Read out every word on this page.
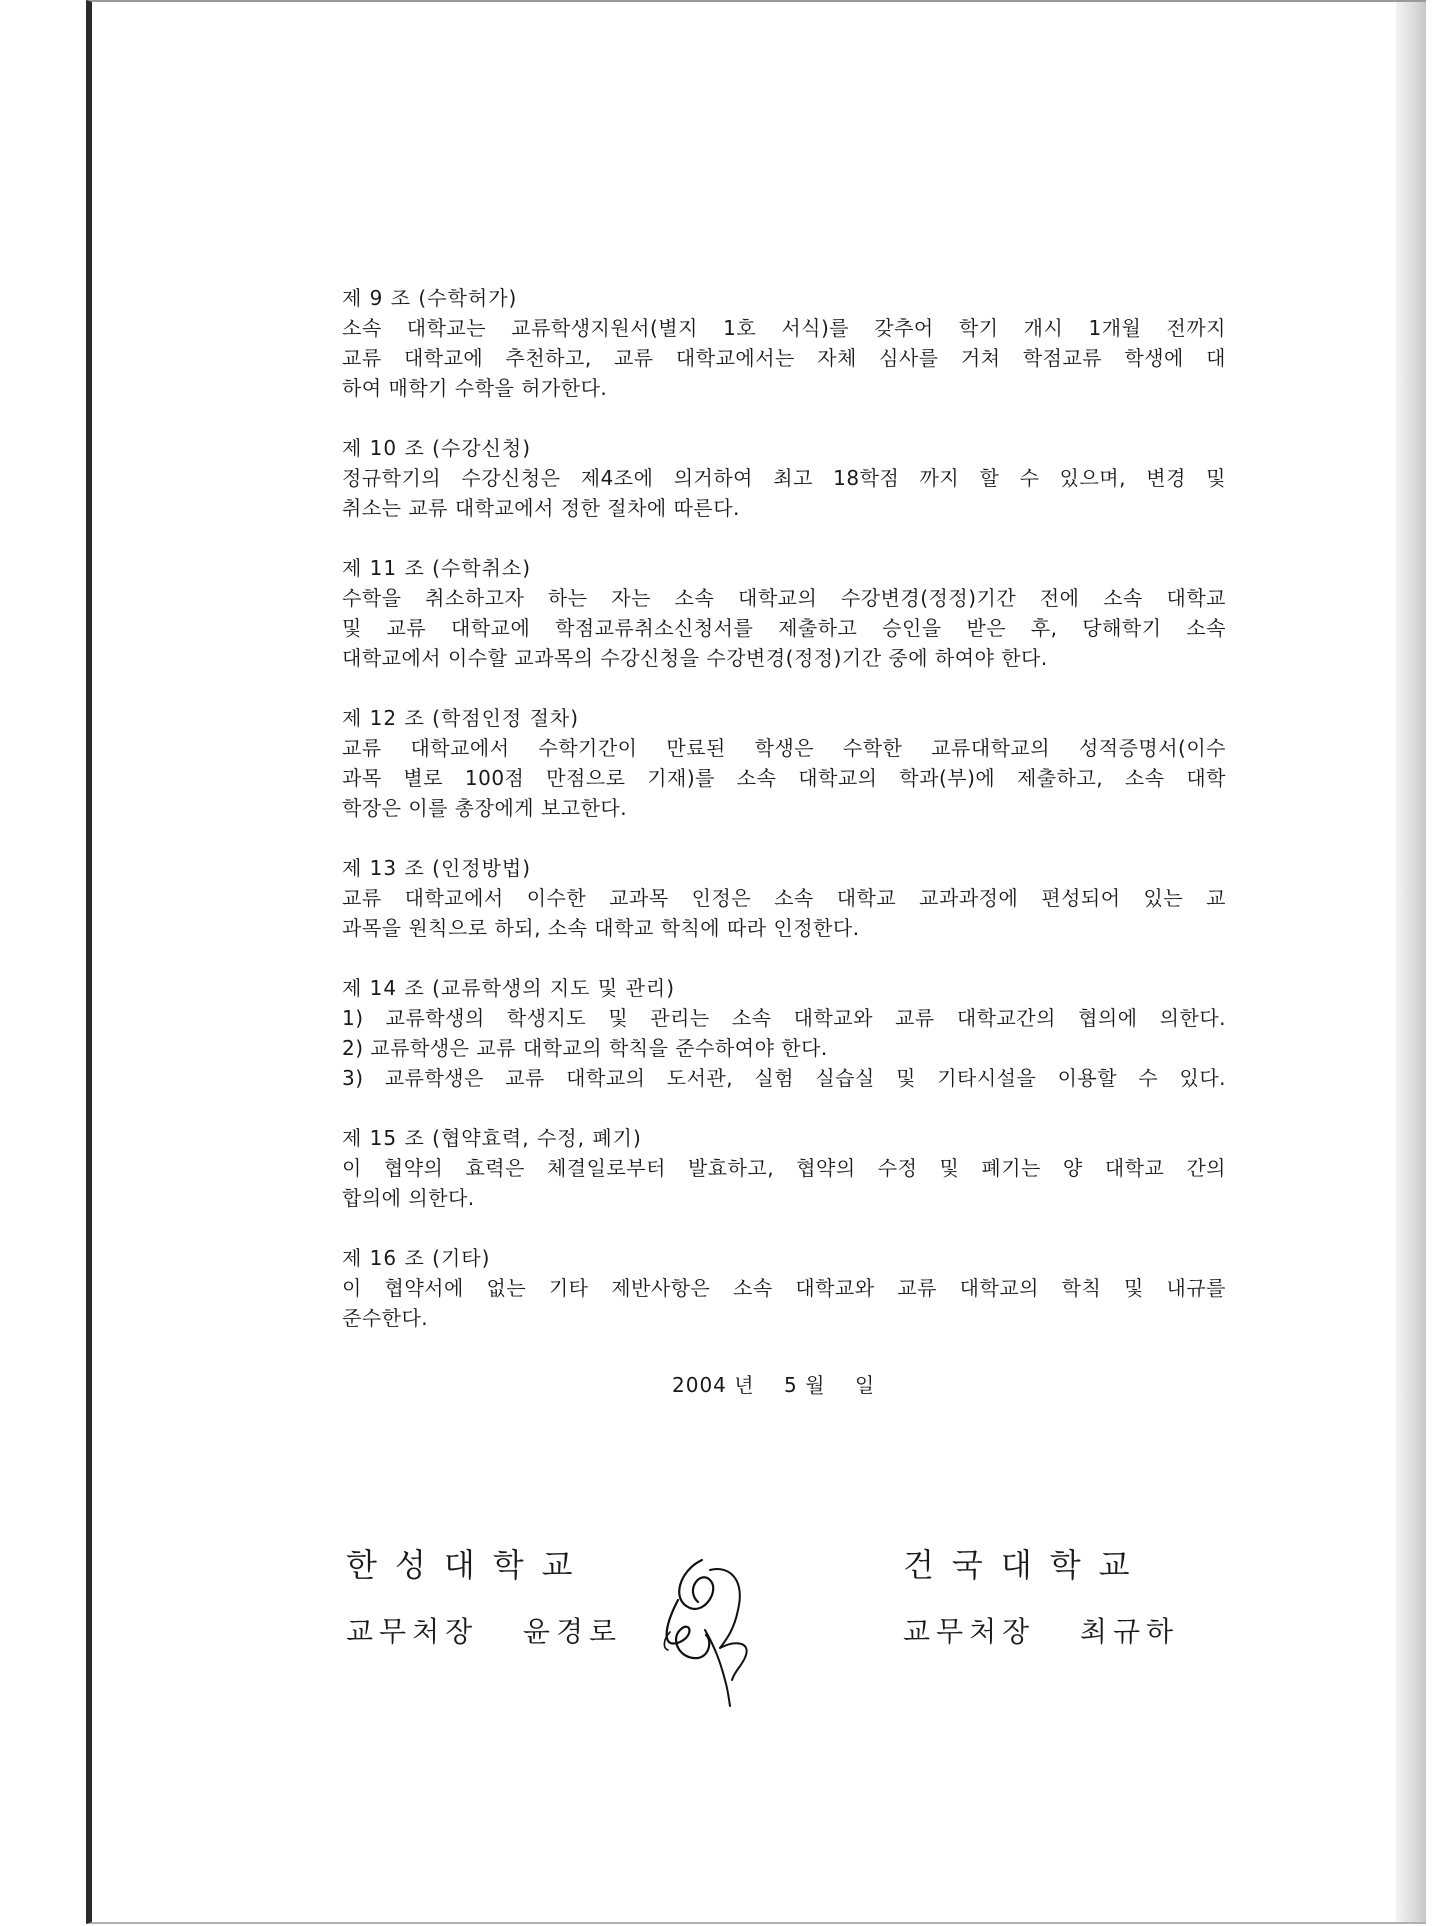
제 9 조 (수학허가)

소속 대학교는 교류학생지원서(별지 1호 서식)를 갖추어 학기 개시 1개월 전까지

교류 대학교에 추천하고, 교류 대학교에서는 자체 심사를 거쳐 학점교류 학생에 대

하여 매학기 수학을 허가한다.

제 10 조 (수강신청)

정규학기의 수강신청은 제4조에 의거하여 최고 18학점 까지 할 수 있으며, 변경 및

취소는 교류 대학교에서 정한 절차에 따른다.

제 11 조 (수학취소)

수학을 취소하고자 하는 자는 소속 대학교의 수강변경(정정)기간 전에 소속 대학교

및 교류 대학교에 학점교류취소신청서를 제출하고 승인을 받은 후, 당해학기 소속

대학교에서 이수할 교과목의 수강신청을 수강변경(정정)기간 중에 하여야 한다.

제 12 조 (학점인정 절차)

교류 대학교에서 수학기간이 만료된 학생은 수학한 교류대학교의 성적증명서(이수

과목 별로 100점 만점으로 기재)를 소속 대학교의 학과(부)에 제출하고, 소속 대학

학장은 이를 총장에게 보고한다.

제 13 조 (인정방법)

교류 대학교에서 이수한 교과목 인정은 소속 대학교 교과과정에 편성되어 있는 교

과목을 원칙으로 하되, 소속 대학교 학칙에 따라 인정한다.

제 14 조 (교류학생의 지도 및 관리)

1) 교류학생의 학생지도 및 관리는 소속 대학교와 교류 대학교간의 협의에 의한다.

2) 교류학생은 교류 대학교의 학칙을 준수하여야 한다.

3) 교류학생은 교류 대학교의 도서관, 실험 실습실 및 기타시설을 이용할 수 있다.

제 15 조 (협약효력, 수정, 폐기)

이 협약의 효력은 체결일로부터 발효하고, 협약의 수정 및 폐기는 양 대학교 간의

합의에 의한다.

제 16 조 (기타)

이 협약서에 없는 기타 제반사항은 소속 대학교와 교류 대학교의 학칙 및 내규를

준수한다.

2004 년    5 월    일
한성대학교
교무처장   윤경로
건국대학교
교무처장   최규하
